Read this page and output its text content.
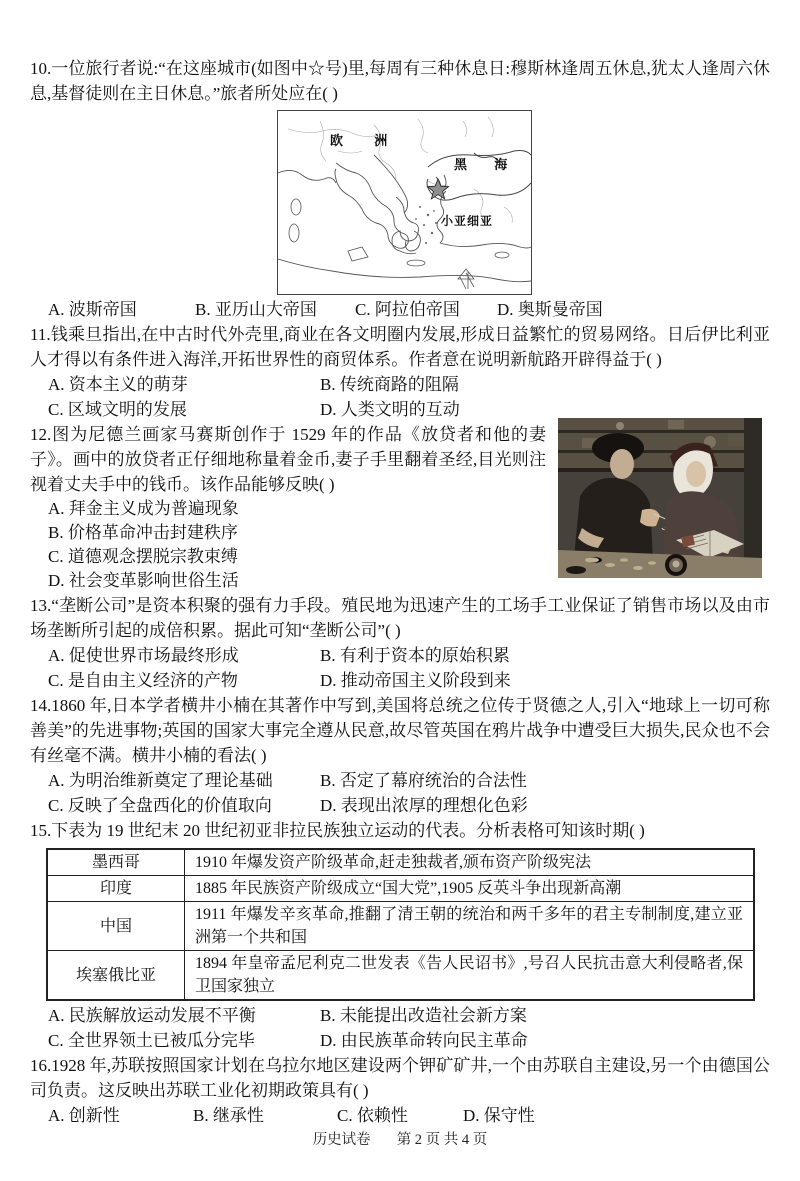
10.一位旅行者说:“在这座城市(如图中☆号)里,每周有三种休息日:穆斯林逢周五休息,犹太人逢周六休息,基督徒则在主日休息。”旅者所处应在( )

欧 洲
黑 海
小亚细亚
A. 波斯帝国	B. 亚历山大帝国	C. 阿拉伯帝国	D. 奥斯曼帝国

11.钱乘旦指出,在中古时代外壳里,商业在各文明圈内发展,形成日益繁忙的贸易网络。日后伊比利亚人才得以有条件进入海洋,开拓世界性的商贸体系。作者意在说明新航路开辟得益于( )

A. 资本主义的萌芽	B. 传统商路的阻隔
C. 区域文明的发展	D. 人类文明的互动

12.图为尼德兰画家马赛斯创作于 1529 年的作品《放贷者和他的妻子》。画中的放贷者正仔细地称量着金币,妻子手里翻着圣经,目光则注视着丈夫手中的钱币。该作品能够反映( )

A. 拜金主义成为普遍现象
B. 价格革命冲击封建秩序
C. 道德观念摆脱宗教束缚
D. 社会变革影响世俗生活

13.“垄断公司”是资本积聚的强有力手段。殖民地为迅速产生的工场手工业保证了销售市场以及由市场垄断所引起的成倍积累。据此可知“垄断公司”( )

A. 促使世界市场最终形成	B. 有利于资本的原始积累
C. 是自由主义经济的产物	D. 推动帝国主义阶段到来

14.1860 年,日本学者横井小楠在其著作中写到,美国将总统之位传于贤德之人,引入“地球上一切可称善美”的先进事物;英国的国家大事完全遵从民意,故尽管英国在鸦片战争中遭受巨大损失,民众也不会有丝毫不满。横井小楠的看法( )

A. 为明治维新奠定了理论基础	B. 否定了幕府统治的合法性
C. 反映了全盘西化的价值取向	D. 表现出浓厚的理想化色彩

15.下表为 19 世纪末 20 世纪初亚非拉民族独立运动的代表。分析表格可知该时期( )

墨西哥	1910 年爆发资产阶级革命,赶走独裁者,颁布资产阶级宪法
印度	1885 年民族资产阶级成立“国大党”,1905 反英斗争出现新高潮
中国	1911 年爆发辛亥革命,推翻了清王朝的统治和两千多年的君主专制制度,建立亚洲第一个共和国
埃塞俄比亚	1894 年皇帝孟尼利克二世发表《告人民诏书》,号召人民抗击意大利侵略者,保卫国家独立
A. 民族解放运动发展不平衡	B. 未能提出改造社会新方案
C. 全世界领土已被瓜分完毕	D. 由民族革命转向民主革命

16.1928 年,苏联按照国家计划在乌拉尔地区建设两个钾矿矿井,一个由苏联自主建设,另一个由德国公司负责。这反映出苏联工业化初期政策具有( )

A. 创新性	B. 继承性	C. 依赖性	D. 保守性
历史试卷 第 2 页 共 4 页
